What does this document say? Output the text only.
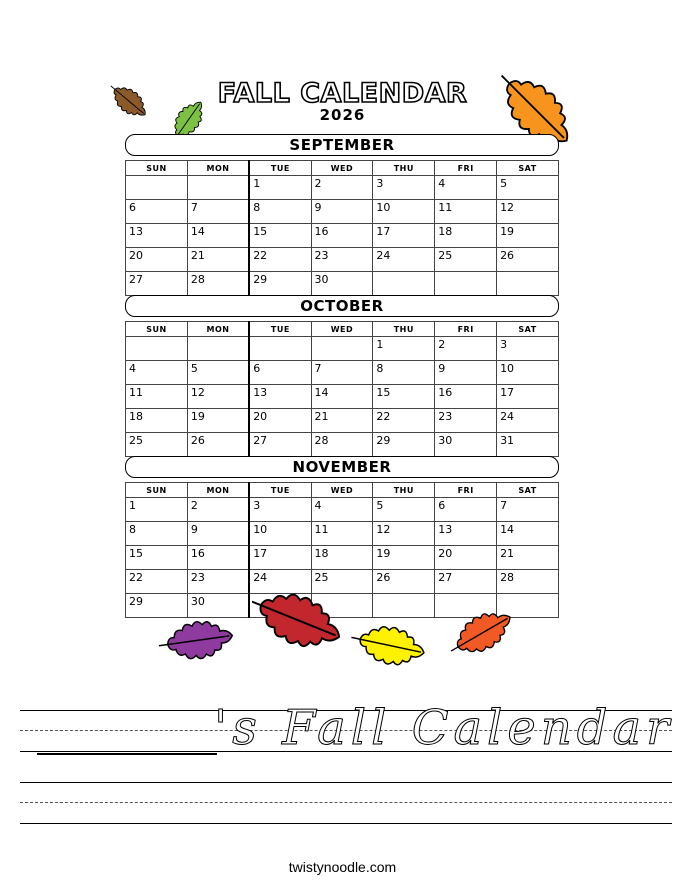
FALL CALENDAR
2026
SEPTEMBER
SUN	MON	TUE	WED	THU	FRI	SAT
		1	2	3	4	5
6	7	8	9	10	11	12
13	14	15	16	17	18	19
20	21	22	23	24	25	26
27	28	29	30			
OCTOBER
SUN	MON	TUE	WED	THU	FRI	SAT
				1	2	3
4	5	6	7	8	9	10
11	12	13	14	15	16	17
18	19	20	21	22	23	24
25	26	27	28	29	30	31
NOVEMBER
SUN	MON	TUE	WED	THU	FRI	SAT
1	2	3	4	5	6	7
8	9	10	11	12	13	14
15	16	17	18	19	20	21
22	23	24	25	26	27	28
29	30					
's Fall Calendar
twistynoodle.com
